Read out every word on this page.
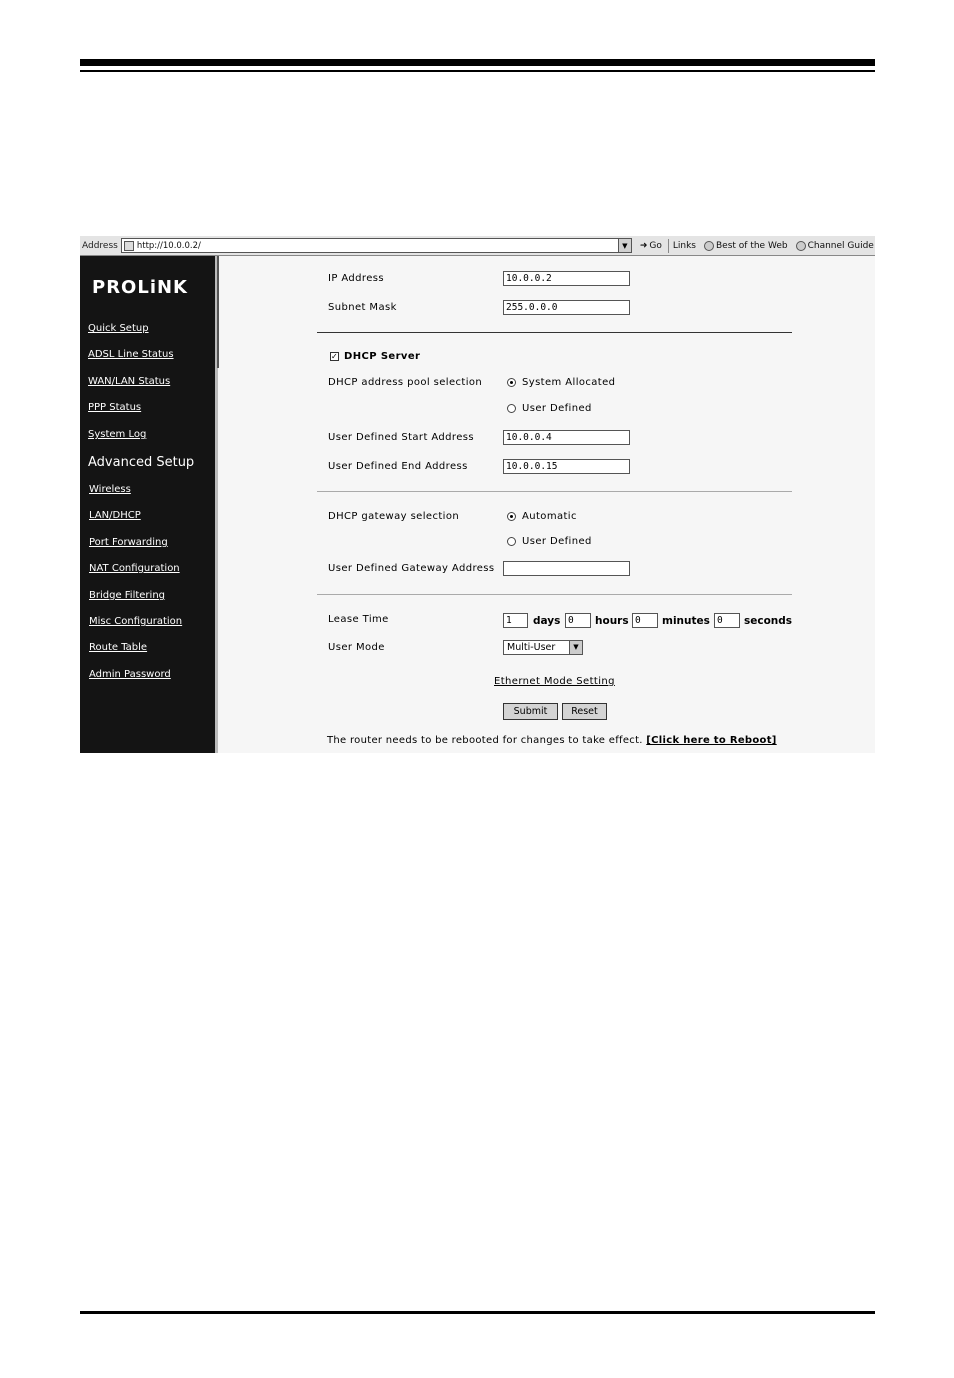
Address http://10.0.0.2/	▼	➜ Go Links Best of the Web Channel Guide
PROLiNK
Quick Setup
ADSL Line Status
WAN/LAN Status
PPP Status
System Log
Advanced Setup
Wireless
LAN/DHCP
Port Forwarding
NAT Configuration
Bridge Filtering
Misc Configuration
Route Table
Admin Password
IP Address	10.0.0.2
Subnet Mask	255.0.0.0
✓ DHCP Server
DHCP address pool selection	System Allocated
User Defined
User Defined Start Address	10.0.0.4
User Defined End Address	10.0.0.15
DHCP gateway selection	Automatic
User Defined
User Defined Gateway Address
Lease Time	1	days 0	hours 0	minutes 0	seconds
User Mode	Multi-User	▼
Ethernet Mode Setting
Submit	Reset
The router needs to be rebooted for changes to take effect. [Click here to Reboot]
